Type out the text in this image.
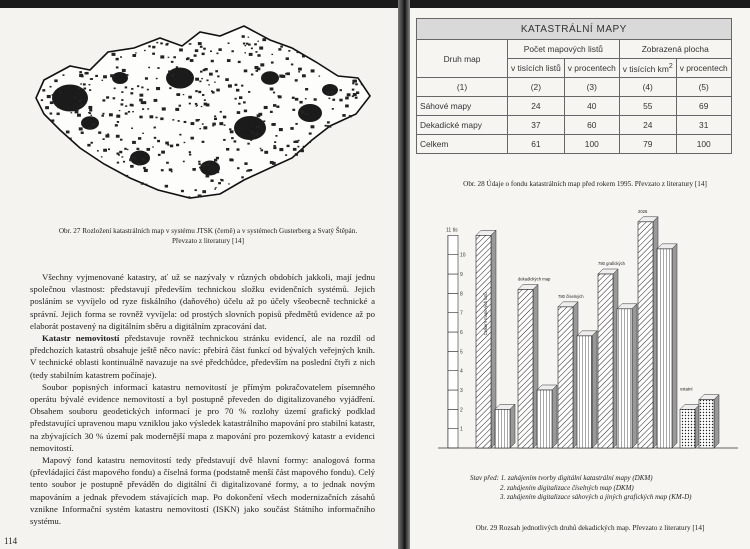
Obr. 27 Rozložení katastrálních map v systému JTSK (černě) a v systémech Gusterberg a Svatý Štěpán.
Převzato z literatury [14]

Všechny vyjmenované katastry, ať už se nazývaly v různých obdobích jakkoli, mají jednu společnou vlastnost: představují především technickou složku evidenčních systémů. Jejich posláním se vyvíjelo od ryze fiskálního (daňového) účelu až po účely všeobecně technické a správní. Jejich forma se rovněž vyvíjela: od prostých slovních popisů předmětů evidence až po elaborát postavený na digitálním sběru a digitálním zpracování dat.

Katastr nemovitostí představuje rovněž technickou stránku evidencí, ale na rozdíl od předchozích katastrů obsahuje ještě něco navíc: přebírá část funkcí od bývalých veřejných knih. V technické oblasti kontinuálně navazuje na své předchůdce, především na poslední čtyři z nich (tedy stabilním katastrem počínaje).

Soubor popisných informací katastru nemovitostí je přímým pokračovatelem písemného operátu bývalé evidence nemovitostí a byl postupně převeden do digitalizovaného vyjádření. Obsahem souboru geodetických informací je pro 70 % rozlohy území grafický podklad představující upravenou mapu vzniklou jako výsledek katastrálního mapování pro stabilní katastr, na zbývajících 30 % území pak modernější mapa z mapování pro pozemkový katastr a evidenci nemovitostí.

Mapový fond katastru nemovitostí tedy představují dvě hlavní formy: analogová forma (převládající část mapového fondu) a číselná forma (podstatně menší část mapového fondu). Celý tento soubor je postupně převáděn do digitální či digitalizované formy, a to jednak novým mapováním a jednak převodem stávajících map. Po dokončení všech modernizačních zásahů vznikne Informační systém katastru nemovitostí (ISKN) jako součást Státního informačního systému.

114
KATASTRÁLNÍ MAPY				
Druh map	Počet mapových listů		Zobrazená plocha	
	v tisících listů	v procentech	v tisících $km^2$	v procentech
(1)	(2)	(3)	(4)	(5)
Sáhové mapy	24	40	55	69
Dekadické mapy	37	60	24	31
Celkem	61	100	79	100
Obr. 28 Údaje o fondu katastrálních map před rokem 1995. Převzato z literatury [14]
11 tis
10
9
8
7
6
5
4
3
2
1
Celkem mapových listů
dekadických map
780 číselných
780 grafických
2026
ostatní
Stav před: 1. zahájením tvorby digitální katastrální mapy (DKM)
2. zahájením digitalizace číselných map (DKM)
3. zahájením digitalizace sáhových a jiných grafických map (KM-D)
Obr. 29 Rozsah jednotlivých druhů dekadických map. Převzato z literatury [14]
